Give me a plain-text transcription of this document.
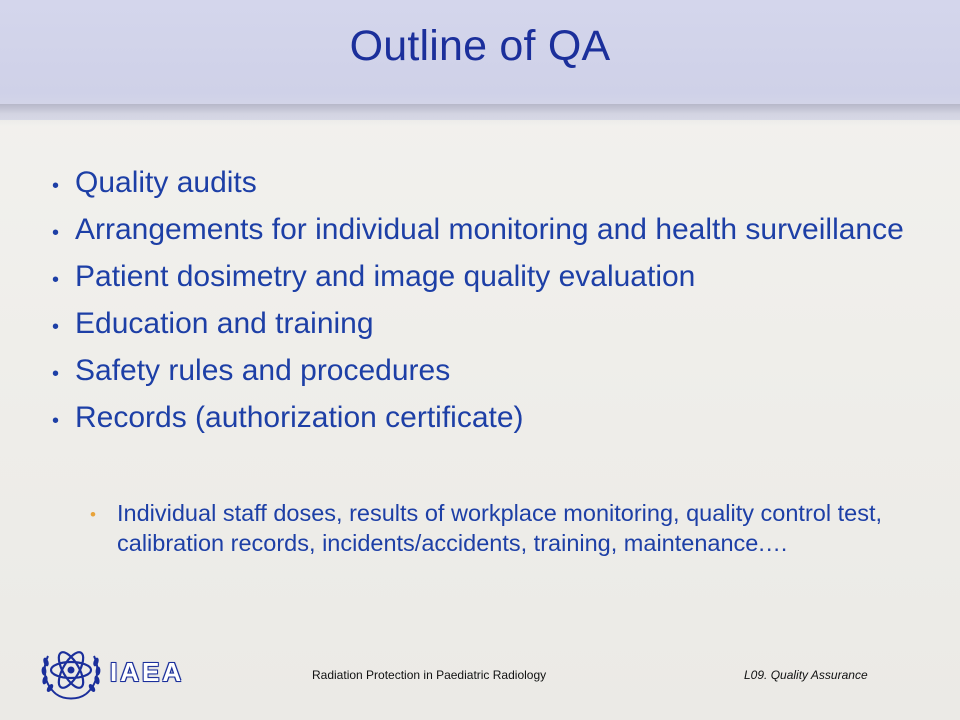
Outline of QA
• Quality audits
• Arrangements for individual monitoring and health surveillance
• Patient dosimetry and image quality evaluation
• Education and training
• Safety rules and procedures
• Records (authorization certificate)
• Individual staff doses, results of workplace monitoring, quality control test, calibration records, incidents/accidents, training, maintenance.…
IAEA	Radiation Protection in Paediatric Radiology	L09. Quality Assurance
